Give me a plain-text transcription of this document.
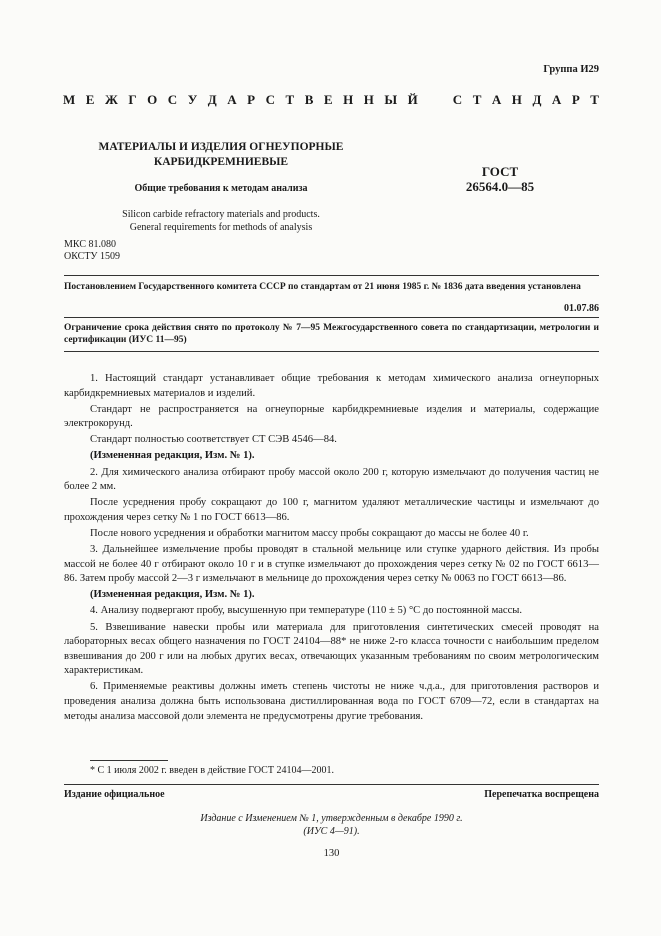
Группа И29
М Е Ж Г О С У Д А Р С Т В Е Н Н Ы Й	С Т А Н Д А Р Т
МАТЕРИАЛЫ И ИЗДЕЛИЯ ОГНЕУПОРНЫЕ
КАРБИДКРЕМНИЕВЫЕ
Общие требования к методам анализа
Silicon carbide refractory materials and products.
General requirements for methods of analysis
ГОСТ
26564.0—85
МКС 81.080
ОКСТУ 1509
Постановлением Государственного комитета СССР по стандартам от 21 июня 1985 г. № 1836 дата введения установлена
01.07.86
Ограничение срока действия снято по протоколу № 7—95 Межгосударственного совета по стандартизации, метрологии и сертификации (ИУС 11—95)

1. Настоящий стандарт устанавливает общие требования к методам химического анализа огнеупорных карбидкремниевых материалов и изделий.

Стандарт не распространяется на огнеупорные карбидкремниевые изделия и материалы, содержащие электрокорунд.

Стандарт полностью соответствует СТ СЭВ 4546—84.

(Измененная редакция, Изм. № 1).

2. Для химического анализа отбирают пробу массой около 200 г, которую измельчают до получения частиц не более 2 мм.

После усреднения пробу сокращают до 100 г, магнитом удаляют металлические частицы и измельчают до прохождения через сетку № 1 по ГОСТ 6613—86.

После нового усреднения и обработки магнитом массу пробы сокращают до массы не более 40 г.

3. Дальнейшее измельчение пробы проводят в стальной мельнице или ступке ударного действия. Из пробы массой не более 40 г отбирают около 10 г и в ступке измельчают до прохождения через сетку № 02 по ГОСТ 6613—86. Затем пробу массой 2—3 г измельчают в мельнице до прохождения через сетку № 0063 по ГОСТ 6613—86.

(Измененная редакция, Изм. № 1).

4. Анализу подвергают пробу, высушенную при температуре (110 ± 5) °С до постоянной массы.

5. Взвешивание навески пробы или материала для приготовления синтетических смесей проводят на лабораторных весах общего назначения по ГОСТ 24104—88* не ниже 2-го класса точности с наибольшим пределом взвешивания до 200 г или на любых других весах, отвечающих указанным требованиям по своим метрологическим характеристикам.

6. Применяемые реактивы должны иметь степень чистоты не ниже ч.д.а., для приготовления растворов и проведения анализа должна быть использована дистиллированная вода по ГОСТ 6709—72, если в стандартах на методы анализа массовой доли элемента не предусмотрены другие требования.

* С 1 июля 2002 г. введен в действие ГОСТ 24104—2001.
Издание официальное	Перепечатка воспрещена
Издание с Изменением № 1, утвержденным в декабре 1990 г.
(ИУС 4—91).
130
